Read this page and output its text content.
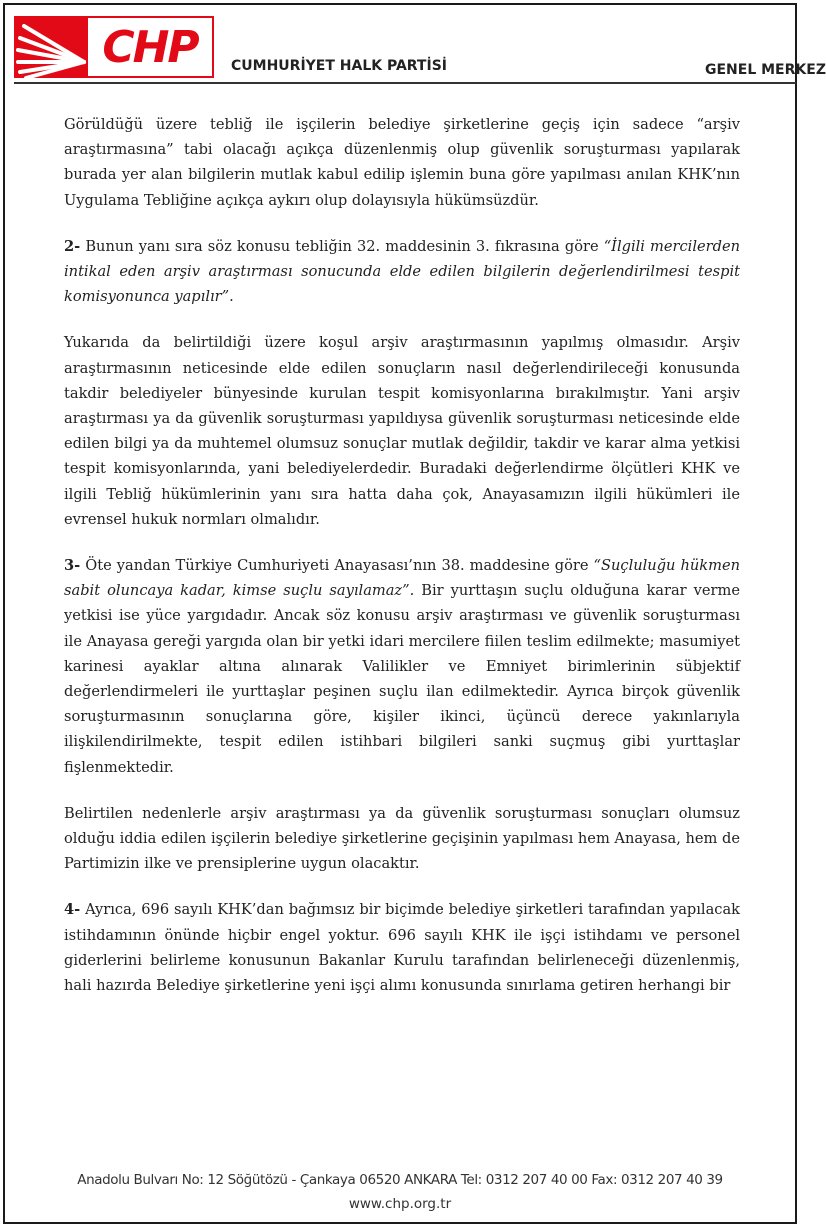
CHP	CUMHURİYET HALK PARTİSİ	GENEL MERKEZ

Görüldüğü üzere tebliğ ile işçilerin belediye şirketlerine geçiş için sadece “arşiv araştırmasına” tabi olacağı açıkça düzenlenmiş olup güvenlik soruşturması yapılarak burada yer alan bilgilerin mutlak kabul edilip işlemin buna göre yapılması anılan KHK’nın Uygulama Tebliğine açıkça aykırı olup dolayısıyla hükümsüzdür.

2- Bunun yanı sıra söz konusu tebliğin 32. maddesinin 3. fıkrasına göre “İlgili mercilerden intikal eden arşiv araştırması sonucunda elde edilen bilgilerin değerlendirilmesi tespit komisyonunca yapılır”.

Yukarıda da belirtildiği üzere koşul arşiv araştırmasının yapılmış olmasıdır. Arşiv araştırmasının neticesinde elde edilen sonuçların nasıl değerlendirileceği konusunda takdir belediyeler bünyesinde kurulan tespit komisyonlarına bırakılmıştır. Yani arşiv araştırması ya da güvenlik soruşturması yapıldıysa güvenlik soruşturması neticesinde elde edilen bilgi ya da muhtemel olumsuz sonuçlar mutlak değildir, takdir ve karar alma yetkisi tespit komisyonlarında, yani belediyelerdedir. Buradaki değerlendirme ölçütleri KHK ve ilgili Tebliğ hükümlerinin yanı sıra hatta daha çok, Anayasamızın ilgili hükümleri ile evrensel hukuk normları olmalıdır.

3- Öte yandan Türkiye Cumhuriyeti Anayasası’nın 38. maddesine göre “Suçluluğu hükmen sabit oluncaya kadar, kimse suçlu sayılamaz”. Bir yurttaşın suçlu olduğuna karar verme yetkisi ise yüce yargıdadır. Ancak söz konusu arşiv araştırması ve güvenlik soruşturması ile Anayasa gereği yargıda olan bir yetki idari mercilere fiilen teslim edilmekte; masumiyet karinesi ayaklar altına alınarak Valilikler ve Emniyet birimlerinin sübjektif değerlendirmeleri ile yurttaşlar peşinen suçlu ilan edilmektedir. Ayrıca birçok güvenlik soruşturmasının sonuçlarına göre, kişiler ikinci, üçüncü derece yakınlarıyla ilişkilendirilmekte, tespit edilen istihbari bilgileri sanki suçmuş gibi yurttaşlar fişlenmektedir.

Belirtilen nedenlerle arşiv araştırması ya da güvenlik soruşturması sonuçları olumsuz olduğu iddia edilen işçilerin belediye şirketlerine geçişinin yapılması hem Anayasa, hem de Partimizin ilke ve prensiplerine uygun olacaktır.

4- Ayrıca, 696 sayılı KHK’dan bağımsız bir biçimde belediye şirketleri tarafından yapılacak istihdamının önünde hiçbir engel yoktur. 696 sayılı KHK ile işçi istihdamı ve personel giderlerini belirleme konusunun Bakanlar Kurulu tarafından belirleneceği düzenlenmiş, hali hazırda Belediye şirketlerine yeni işçi alımı konusunda sınırlama getiren herhangi bir

Anadolu Bulvarı No: 12 Söğütözü - Çankaya 06520 ANKARA Tel: 0312 207 40 00 Fax: 0312 207 40 39
www.chp.org.tr
